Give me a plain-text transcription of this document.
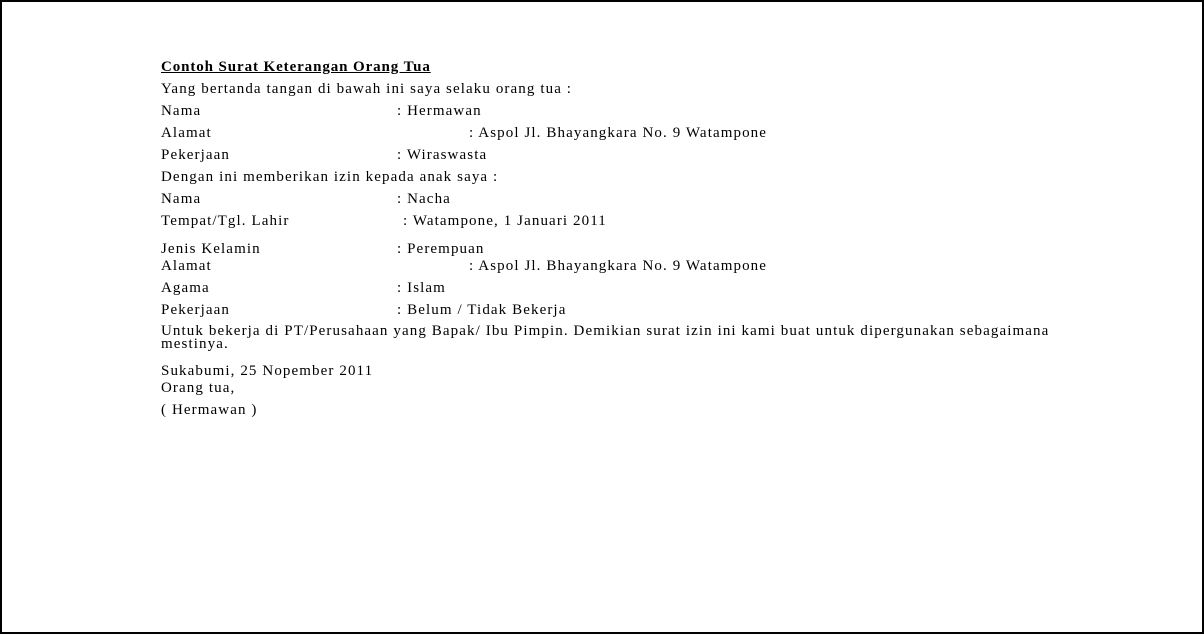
Contoh Surat Keterangan Orang Tua
Yang bertanda tangan di bawah ini saya selaku orang tua :
Nama	: Hermawan
Alamat	: Aspol Jl. Bhayangkara No. 9 Watampone
Pekerjaan	: Wiraswasta
Dengan ini memberikan izin kepada anak saya :
Nama	: Nacha
Tempat/Tgl. Lahir	: Watampone, 1 Januari 2011
Jenis Kelamin	: Perempuan
Alamat	: Aspol Jl. Bhayangkara No. 9 Watampone
Agama	: Islam
Pekerjaan	: Belum / Tidak Bekerja
Untuk bekerja di PT/Perusahaan yang Bapak/ Ibu Pimpin. Demikian surat izin ini kami buat untuk dipergunakan sebagaimana mestinya.
Sukabumi, 25 Nopember 2011
Orang tua,
( Hermawan )
